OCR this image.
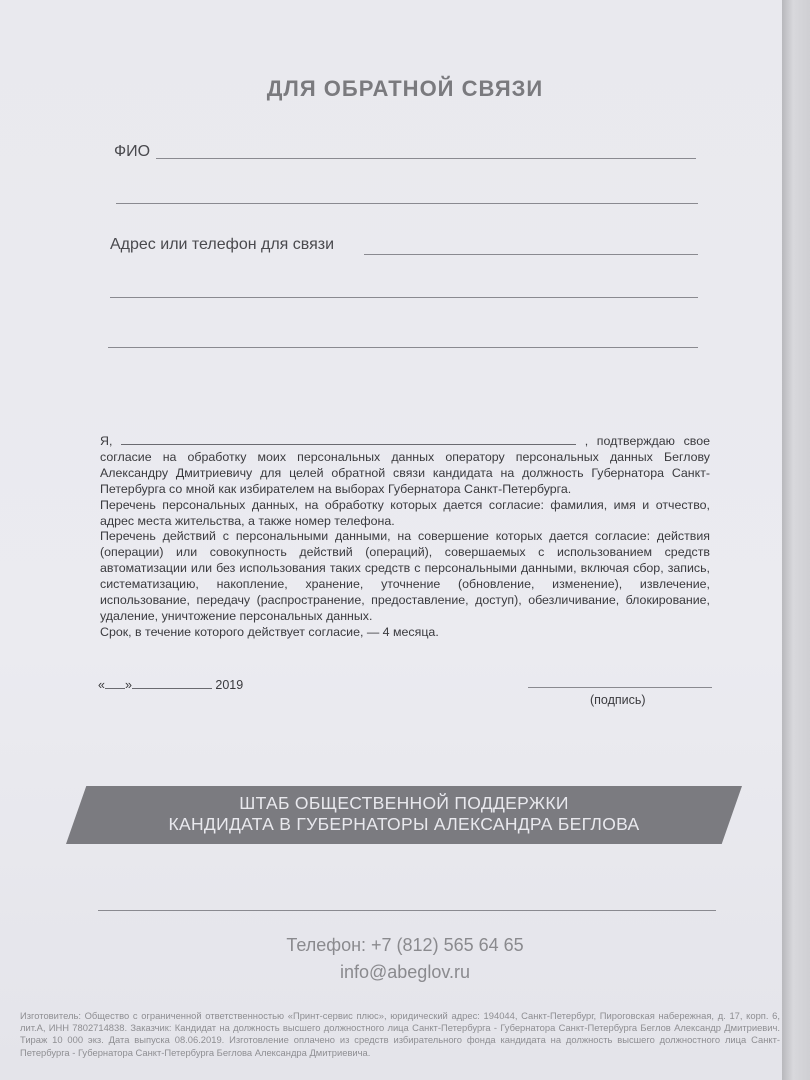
ДЛЯ ОБРАТНОЙ СВЯЗИ
ФИО
Адрес или телефон для связи

Я,	, подтверждаю свое согласие на обработку моих персональных данных оператору персональных данных Беглову Александру Дмитриевичу для целей обратной связи кандидата на должность Губернатора Санкт-Петербурга со мной как избирателем на выборах Губернатора Санкт-Петербурга.

Перечень персональных данных, на обработку которых дается согласие: фамилия, имя и отчество, адрес места жительства, а также номер телефона.

Перечень действий с персональными данными, на совершение которых дается согласие: действия (операции) или совокупность действий (операций), совершаемых с использованием средств автоматизации или без использования таких средств с персональными данными, включая сбор, запись, систематизацию, накопление, хранение, уточнение (обновление, изменение), извлечение, использование, передачу (распространение, предоставление, доступ), обезличивание, блокирование, удаление, уничтожение персональных данных.

Срок, в течение которого действует согласие, — 4 месяца.

« »	2019
(подпись)
ШТАБ ОБЩЕСТВЕННОЙ ПОДДЕРЖКИ
КАНДИДАТА В ГУБЕРНАТОРЫ АЛЕКСАНДРА БЕГЛОВА
Телефон: +7 (812) 565 64 65
info@abeglov.ru

Изготовитель: Общество с ограниченной ответственностью «Принт-сервис плюс», юридический адрес: 194044, Санкт-Петербург, Пироговская набережная, д. 17, корп. 6, лит.А, ИНН 7802714838. Заказчик: Кандидат на должность высшего должностного лица Санкт-Петербурга - Губернатора Санкт-Петербурга Беглов Александр Дмитриевич. Тираж 10 000 экз. Дата выпуска 08.06.2019. Изготовление оплачено из средств избирательного фонда кандидата на должность высшего должностного лица Санкт-Петербурга - Губернатора Санкт-Петербурга Беглова Александра Дмитриевича.
